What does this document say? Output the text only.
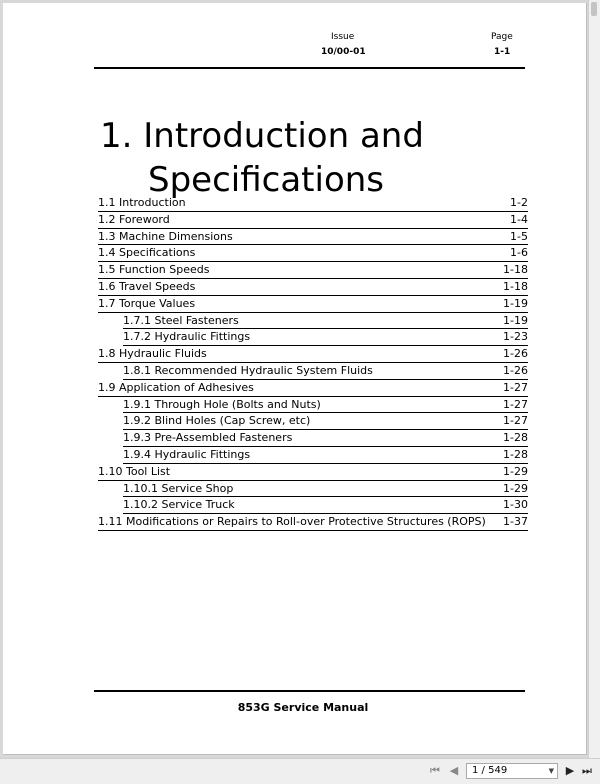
Issue
10/00-01
Page
1-1
1. Introduction and
Specifications
1.1 Introduction	1-2
1.2 Foreword	1-4
1.3 Machine Dimensions	1-5
1.4 Specifications	1-6
1.5 Function Speeds	1-18
1.6 Travel Speeds	1-18
1.7 Torque Values	1-19
1.7.1 Steel Fasteners	1-19
1.7.2 Hydraulic Fittings	1-23
1.8 Hydraulic Fluids	1-26
1.8.1 Recommended Hydraulic System Fluids	1-26
1.9 Application of Adhesives	1-27
1.9.1 Through Hole (Bolts and Nuts)	1-27
1.9.2 Blind Holes (Cap Screw, etc)	1-27
1.9.3 Pre-Assembled Fasteners	1-28
1.9.4 Hydraulic Fittings	1-28
1.10 Tool List	1-29
1.10.1 Service Shop	1-29
1.10.2 Service Truck	1-30
1.11 Modifications or Repairs to Roll-over Protective Structures (ROPS) 1-37
853G Service Manual
⏮︎ ◀︎	1 / 549	▼ ▶︎ ⏭︎
